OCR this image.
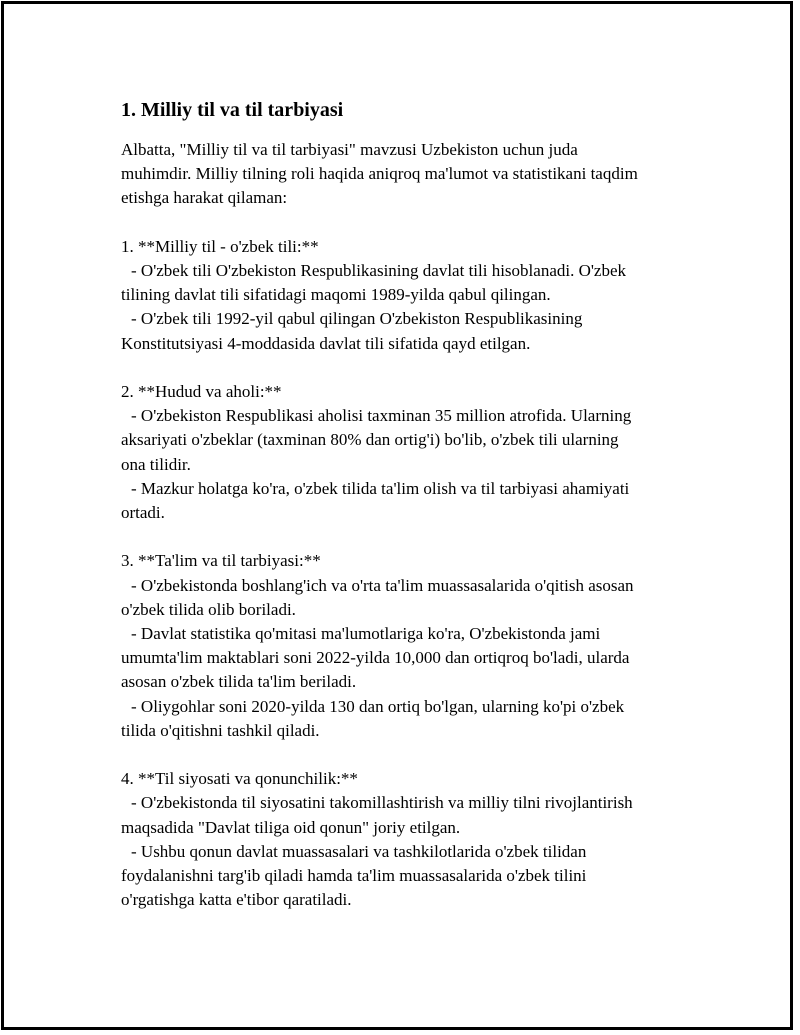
1. Milliy til va til tarbiyasi

Albatta, "Milliy til va til tarbiyasi" mavzusi Uzbekiston uchun juda
muhimdir. Milliy tilning roli haqida aniqroq ma'lumot va statistikani taqdim
etishga harakat qilaman:

1. **Milliy til - o'zbek tili:**

- O'zbek tili O'zbekiston Respublikasining davlat tili hisoblanadi. O'zbek
tilining davlat tili sifatidagi maqomi 1989-yilda qabul qilingan.

- O'zbek tili 1992-yil qabul qilingan O'zbekiston Respublikasining
Konstitutsiyasi 4-moddasida davlat tili sifatida qayd etilgan.

2. **Hudud va aholi:**

- O'zbekiston Respublikasi aholisi taxminan 35 million atrofida. Ularning
aksariyati o'zbeklar (taxminan 80% dan ortig'i) bo'lib, o'zbek tili ularning
ona tilidir.

- Mazkur holatga ko'ra, o'zbek tilida ta'lim olish va til tarbiyasi ahamiyati
ortadi.

3. **Ta'lim va til tarbiyasi:**

- O'zbekistonda boshlang'ich va o'rta ta'lim muassasalarida o'qitish asosan
o'zbek tilida olib boriladi.

- Davlat statistika qo'mitasi ma'lumotlariga ko'ra, O'zbekistonda jami
umumta'lim maktablari soni 2022-yilda 10,000 dan ortiqroq bo'ladi, ularda
asosan o'zbek tilida ta'lim beriladi.

- Oliygohlar soni 2020-yilda 130 dan ortiq bo'lgan, ularning ko'pi o'zbek
tilida o'qitishni tashkil qiladi.

4. **Til siyosati va qonunchilik:**

- O'zbekistonda til siyosatini takomillashtirish va milliy tilni rivojlantirish
maqsadida "Davlat tiliga oid qonun" joriy etilgan.

- Ushbu qonun davlat muassasalari va tashkilotlarida o'zbek tilidan
foydalanishni targ'ib qiladi hamda ta'lim muassasalarida o'zbek tilini
o'rgatishga katta e'tibor qaratiladi.
